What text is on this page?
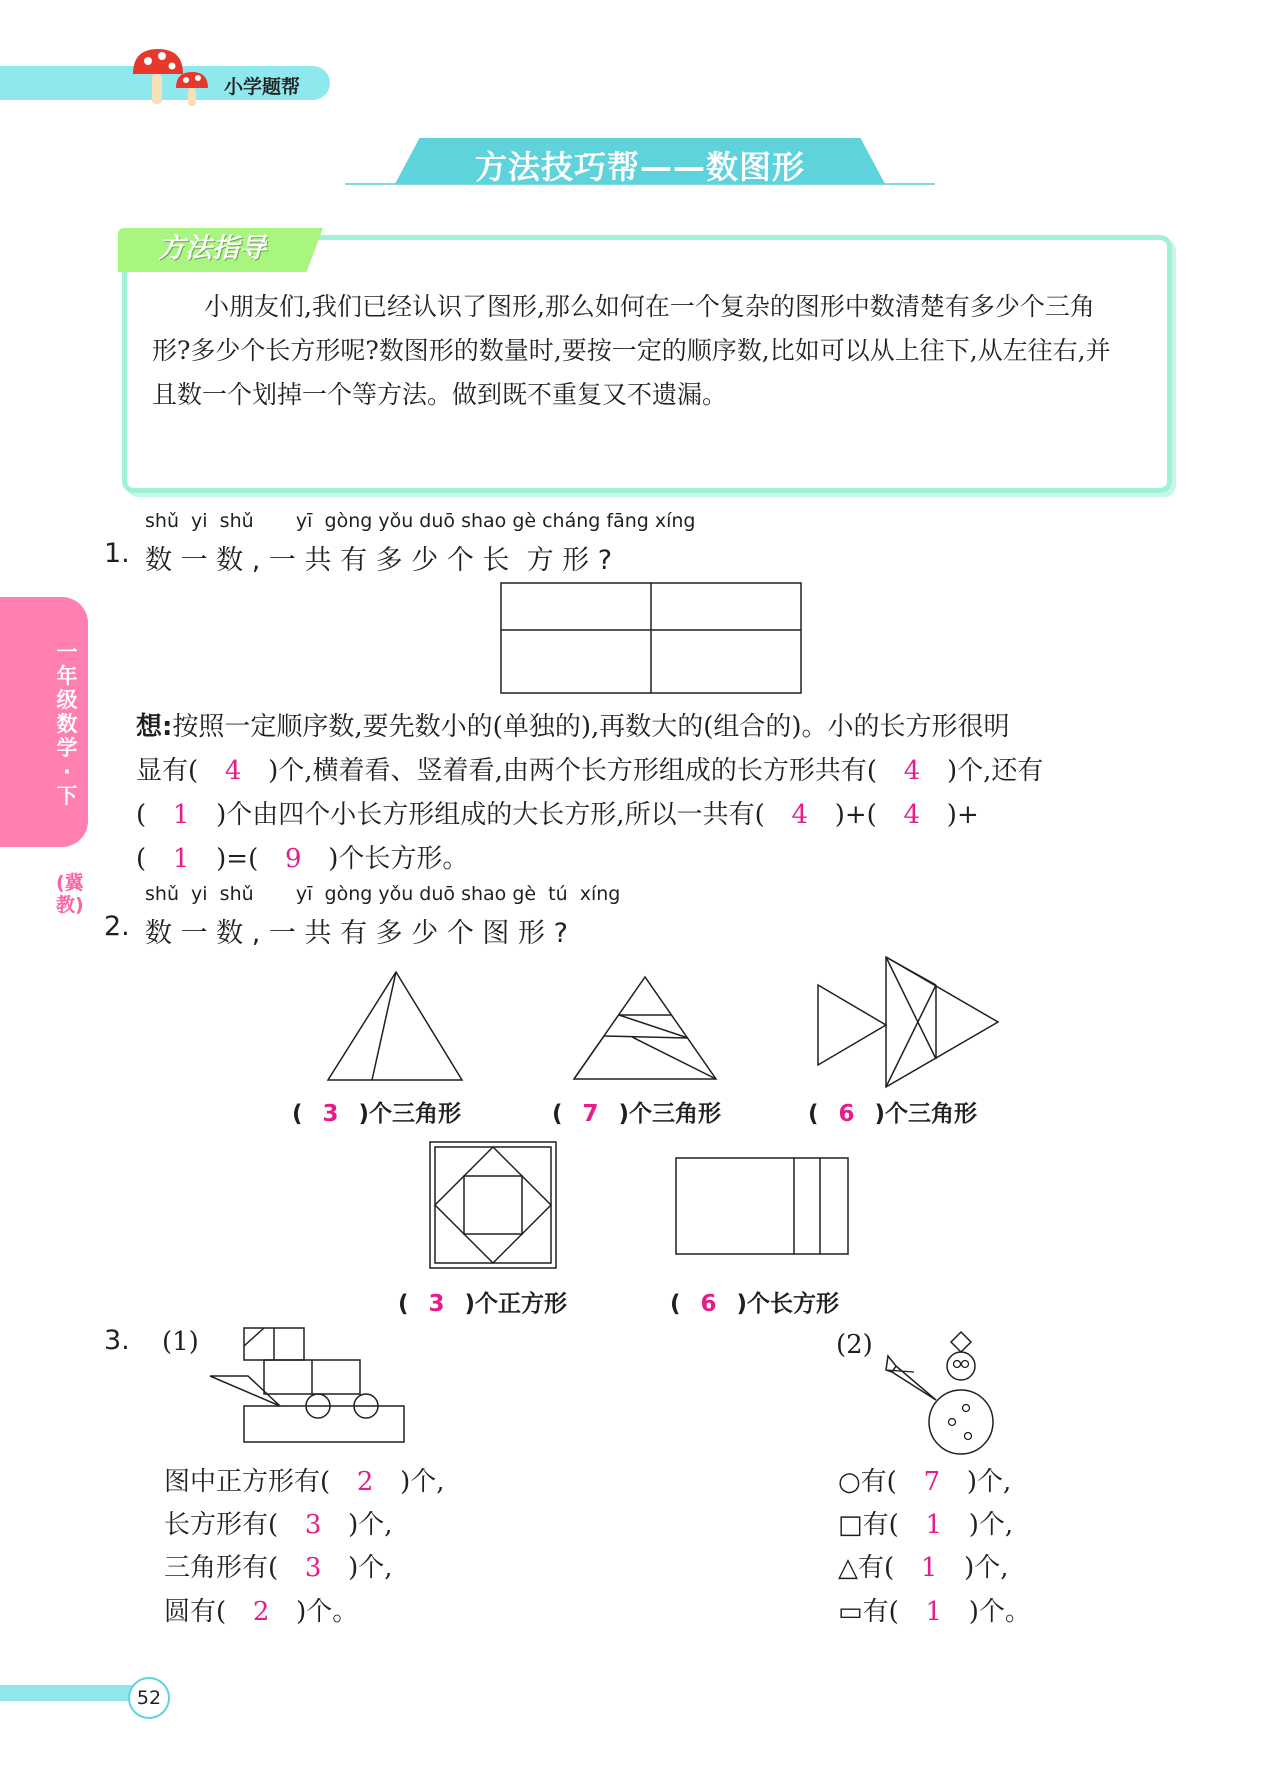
小学题帮
方法技巧帮——数图形
方法指导
小朋友们,我们已经认识了图形,那么如何在一个复杂的图形中数清楚有多少个三角形?多少个长方形呢?数图形的数量时,要按一定的顺序数,比如可以从上往下,从左往右,并且数一个划掉一个等方法。做到既不重复又不遗漏。
一年级数学·下
(冀教)
shǔ  yi  shǔ       yī  gòng yǒu duō shao gè cháng fāng xíng
1. 数 一 数 , 一 共 有 多 少 个 长  方 形 ?
想:按照一定顺序数,要先数小的(单独的),再数大的(组合的)。小的长方形很明
显有( 4 )个,横着看、竖着看,由两个长方形组成的长方形共有( 4 )个,还有
( 1 )个由四个小长方形组成的大长方形,所以一共有( 4 )+( 4 )+
( 1 )=( 9 )个长方形。
shǔ  yi  shǔ       yī  gòng yǒu duō shao gè  tú  xíng
2. 数 一 数 , 一 共 有 多 少 个 图 形 ?
( 3 )个三角形	( 7 )个三角形	( 6 )个三角形
( 3 )个正方形	( 6 )个长方形
3. (1)
图中正方形有( 2 )个,
长方形有( 3 )个,
三角形有( 3 )个,
圆有( 2 )个。
(2)
○有( 7 )个,
□有( 1 )个,
△有( 1 )个,
▭有( 1 )个。
52
